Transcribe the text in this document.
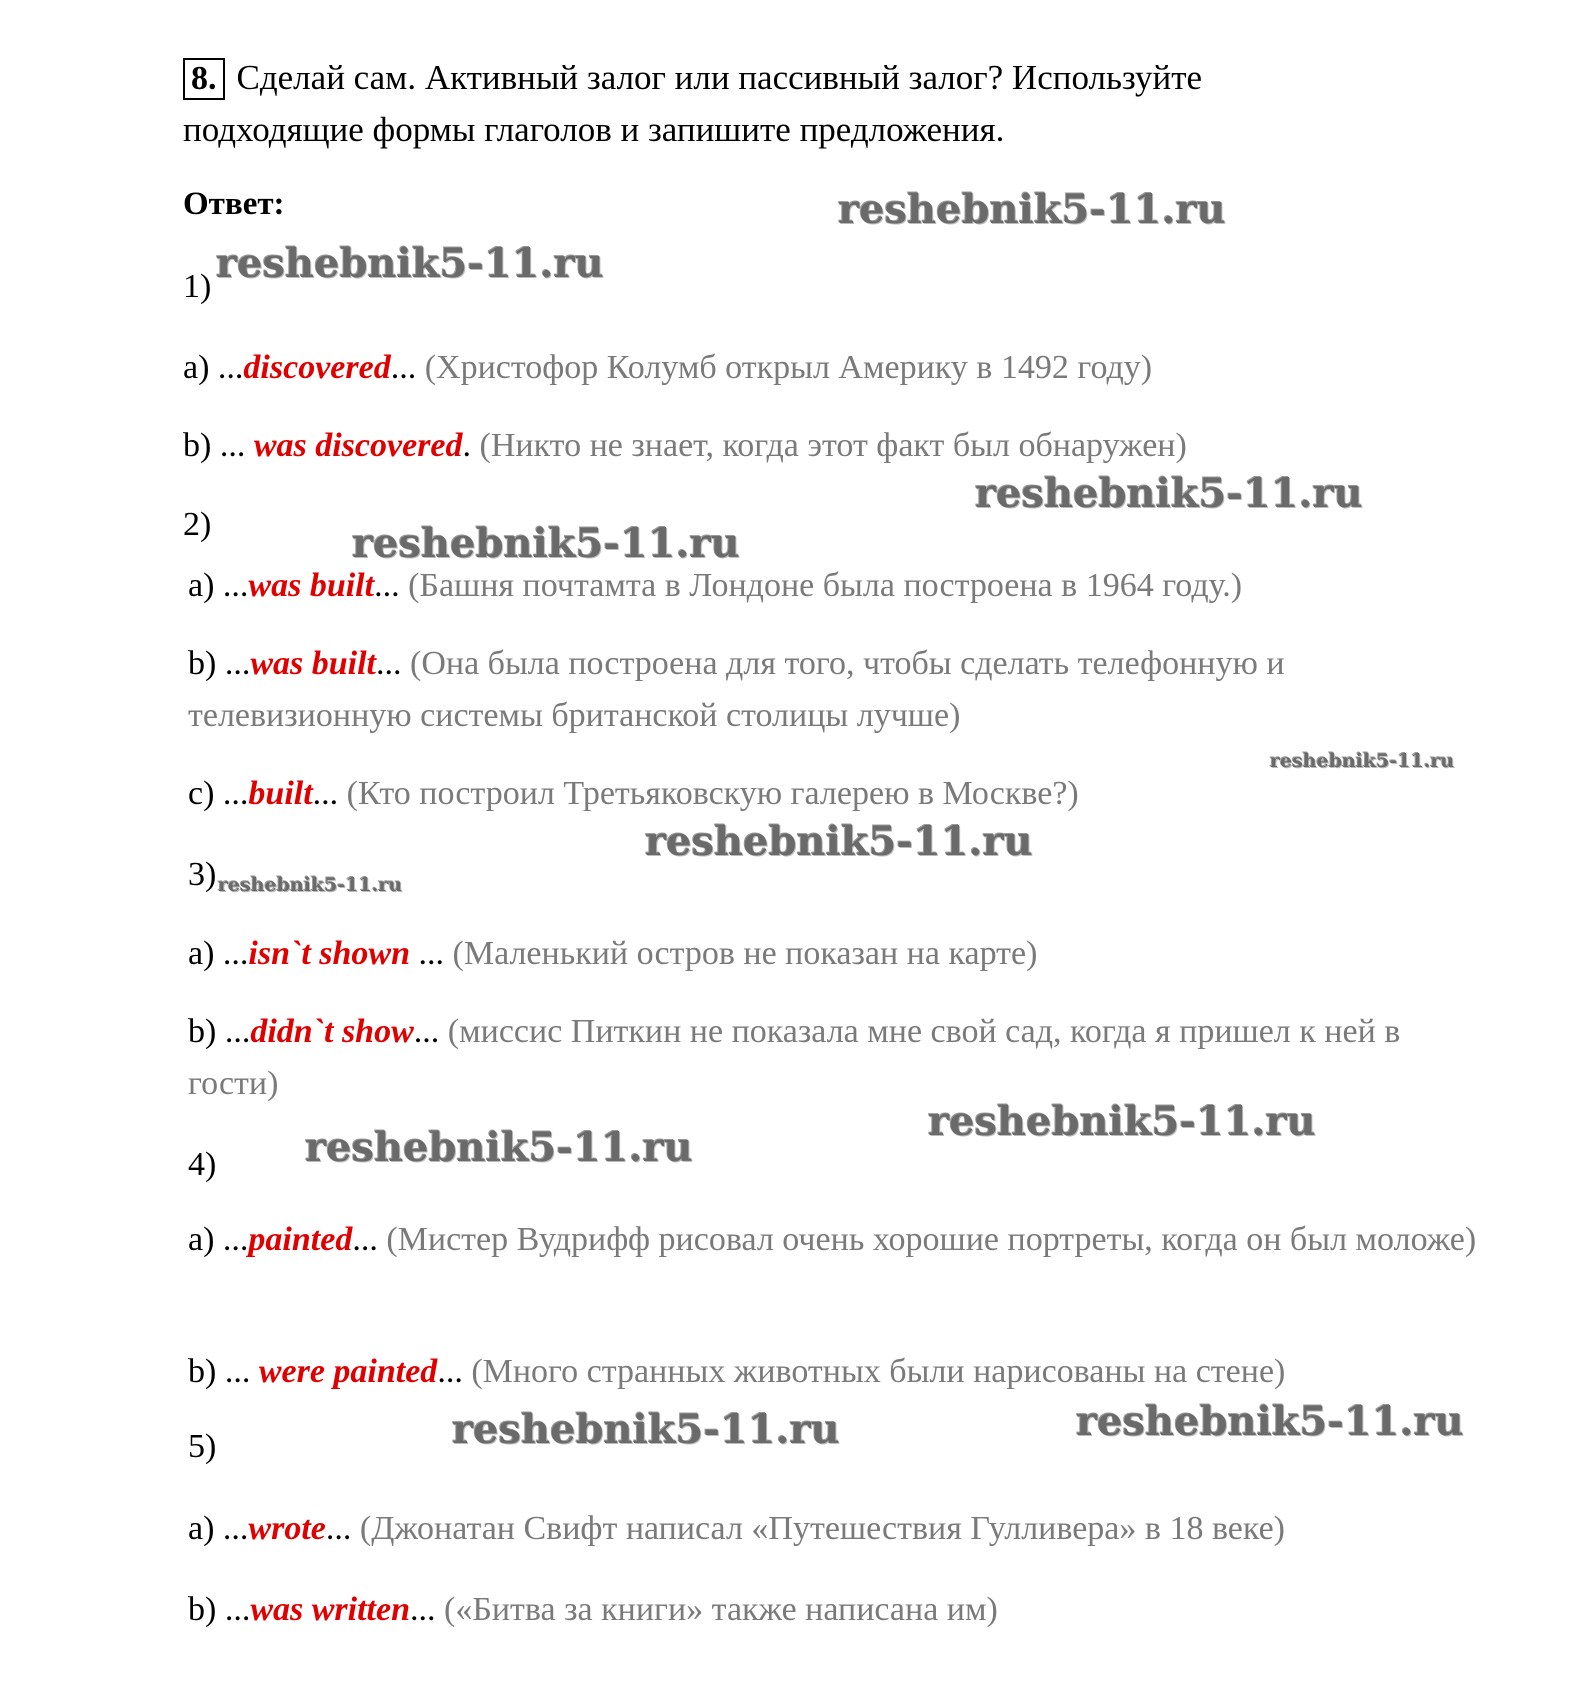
8. Сделай сам. Активный залог или пассивный залог? Используйте подходящие формы глаголов и запишите предложения.
Ответ:
1)
a) ...discovered... (Христофор Колумб открыл Америку в 1492 году)
b) ... was discovered. (Никто не знает, когда этот факт был обнаружен)
2)
a) ...was built... (Башня почтамта в Лондоне была построена в 1964 году.)
b) ...was built... (Она была построена для того, чтобы сделать телефонную и телевизионную системы британской столицы лучше)
c) ...built... (Кто построил Третьяковскую галерею в Москве?)
3)
a) ...isn`t shown ... (Маленький остров не показан на карте)
b) ...didn`t show... (миссис Питкин не показала мне свой сад, когда я пришел к ней в гости)
4)
a) ...painted... (Мистер Вудрифф рисовал очень хорошие портреты, когда он был моложе)
b) ... were painted... (Много странных животных были нарисованы на стене)
5)
a) ...wrote... (Джонатан Свифт написал «Путешествия Гулливера» в 18 веке)
b) ...was written... («Битва за книги» также написана им)
reshebnik5-11.ru
reshebnik5-11.ru
reshebnik5-11.ru
reshebnik5-11.ru
reshebnik5-11.ru
reshebnik5-11.ru
reshebnik5-11.ru
reshebnik5-11.ru
reshebnik5-11.ru
reshebnik5-11.ru	reshebnik5-11.ru
